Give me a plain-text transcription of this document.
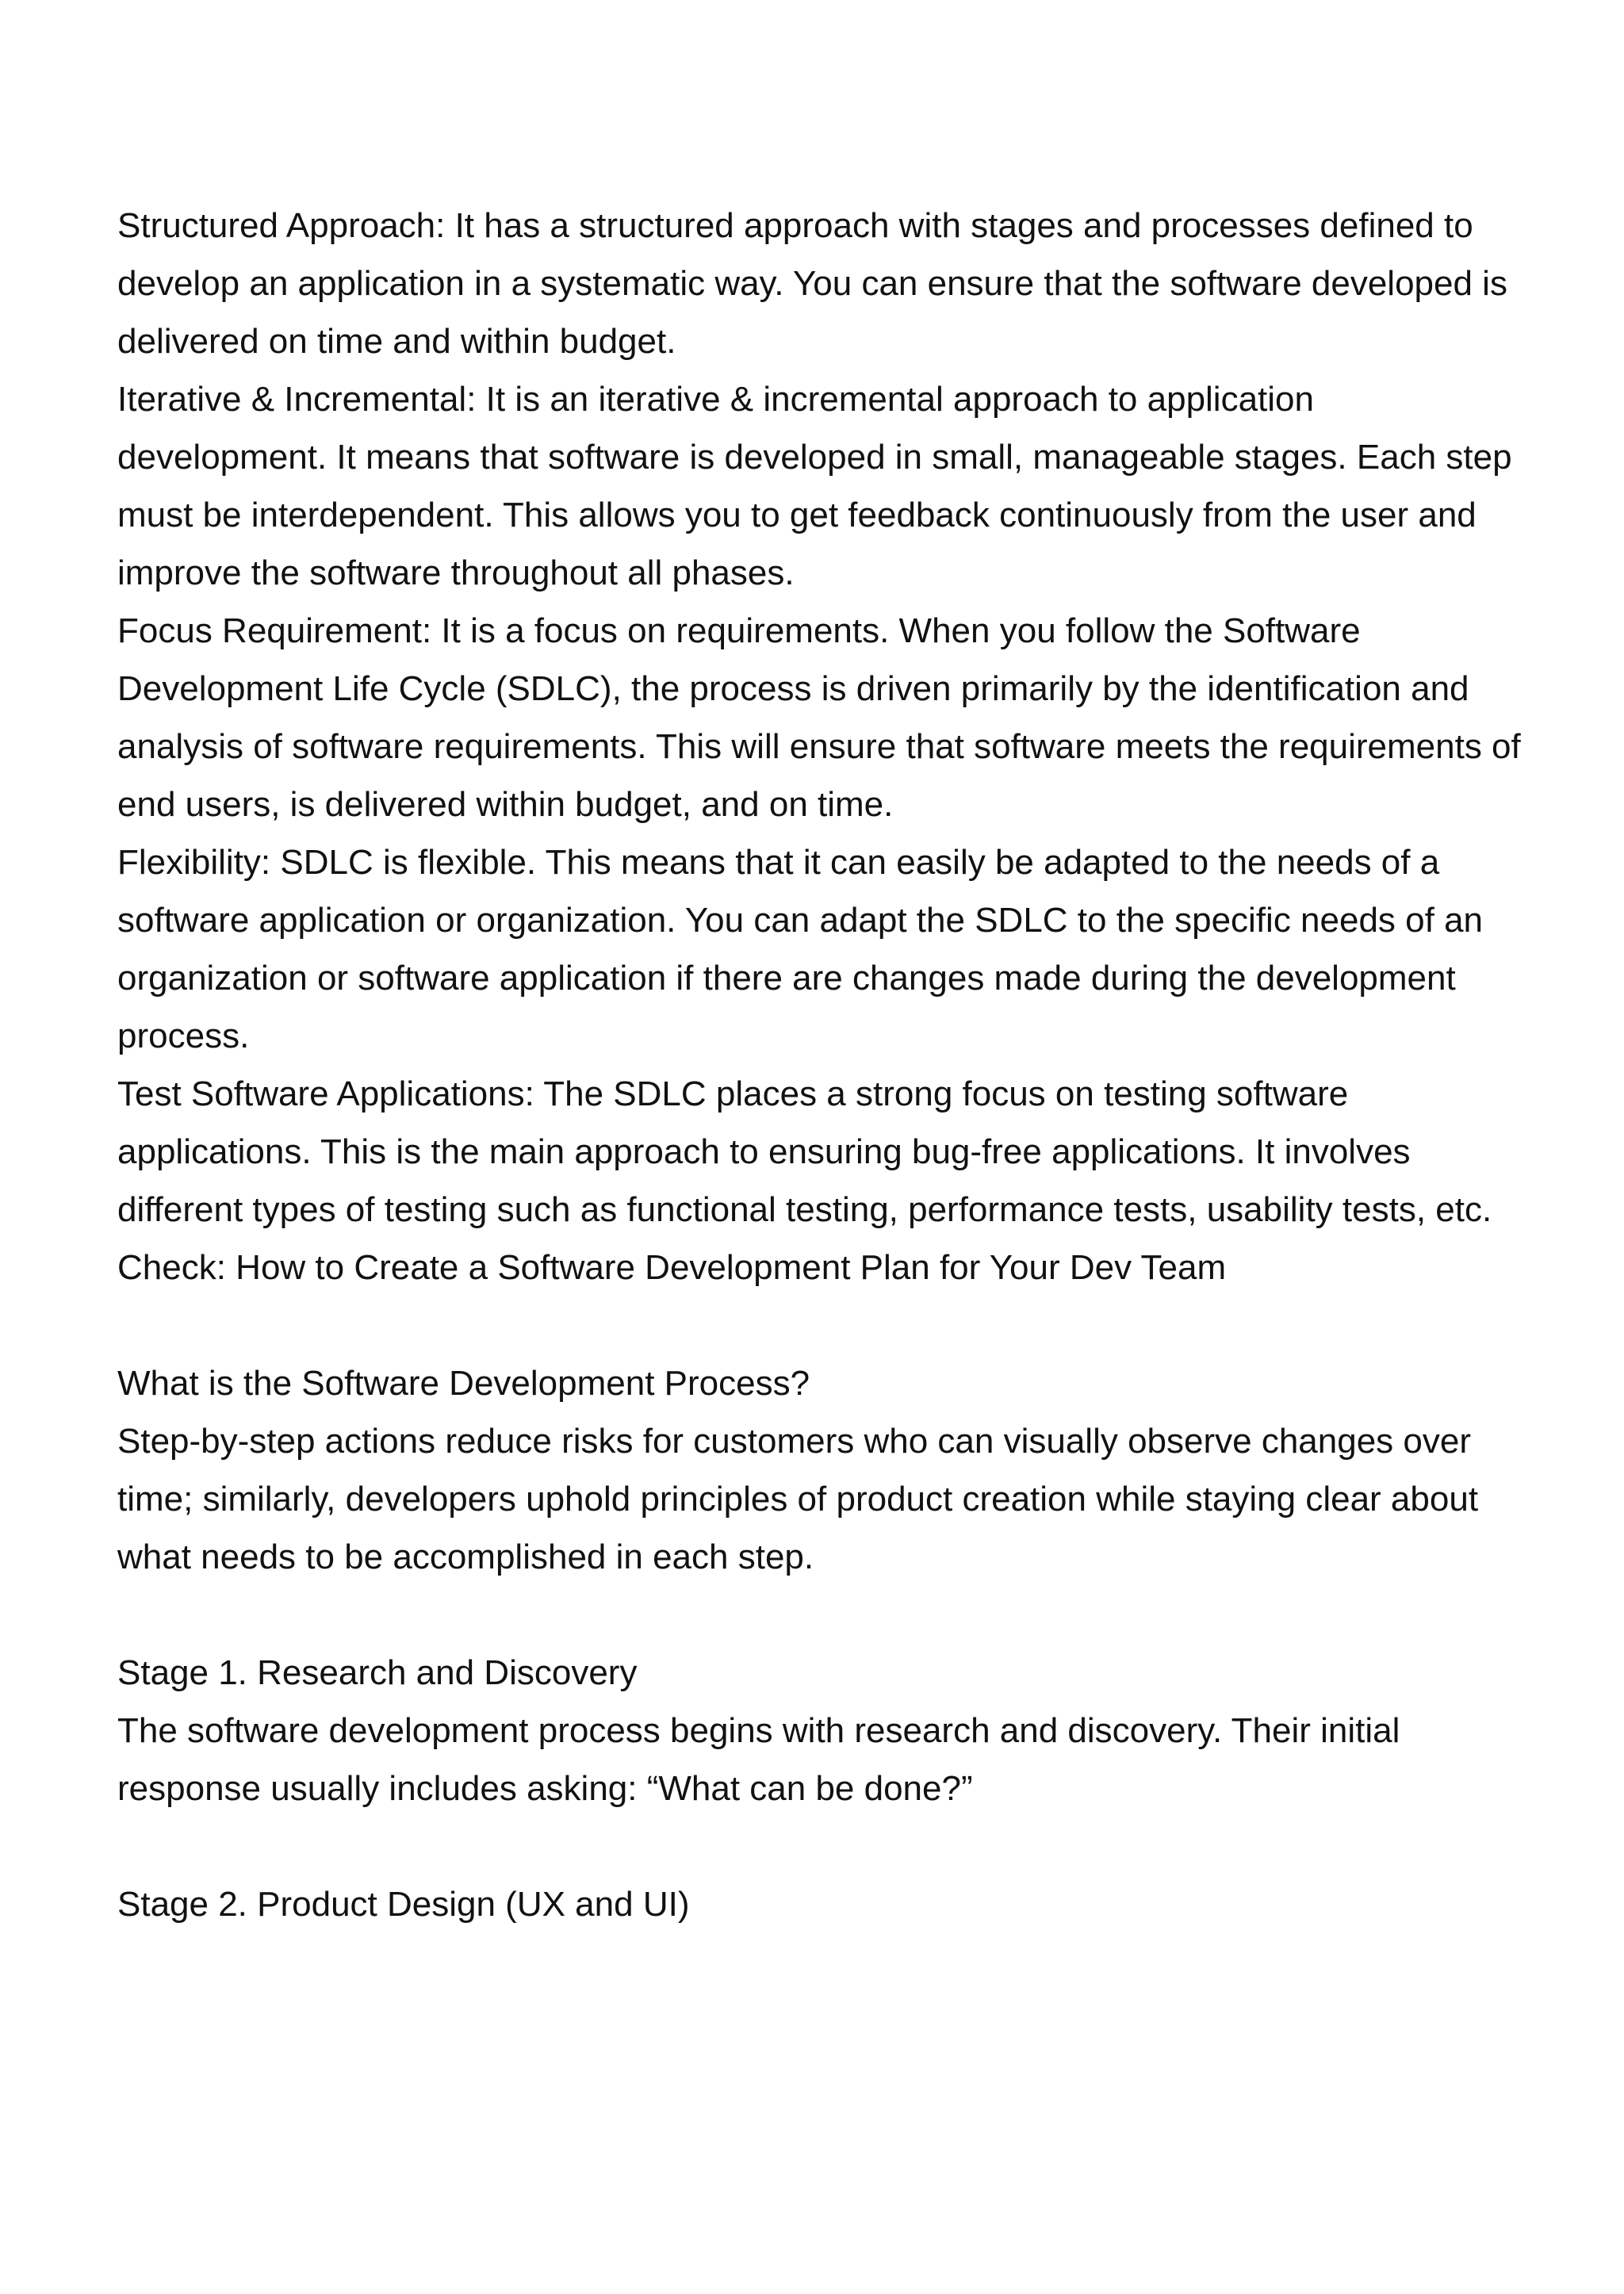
Structured Approach: It has a structured approach with stages and processes defined to develop an application in a systematic way. You can ensure that the software developed is delivered on time and within budget.

Iterative & Incremental: It is an iterative & incremental approach to application development. It means that software is developed in small, manageable stages. Each step must be interdependent. This allows you to get feedback continuously from the user and improve the software throughout all phases.

Focus Requirement: It is a focus on requirements. When you follow the Software Development Life Cycle (SDLC), the process is driven primarily by the identification and analysis of software requirements. This will ensure that software meets the requirements of end users, is delivered within budget, and on time.

Flexibility: SDLC is flexible. This means that it can easily be adapted to the needs of a software application or organization. You can adapt the SDLC to the specific needs of an organization or software application if there are changes made during the development process.

Test Software Applications: The SDLC places a strong focus on testing software applications. This is the main approach to ensuring bug-free applications. It involves different types of testing such as functional testing, performance tests, usability tests, etc.

Check: How to Create a Software Development Plan for Your Dev Team

What is the Software Development Process?

Step-by-step actions reduce risks for customers who can visually observe changes over time; similarly, developers uphold principles of product creation while staying clear about what needs to be accomplished in each step.

Stage 1. Research and Discovery

The software development process begins with research and discovery. Their initial response usually includes asking: “What can be done?”

Stage 2. Product Design (UX and UI)
